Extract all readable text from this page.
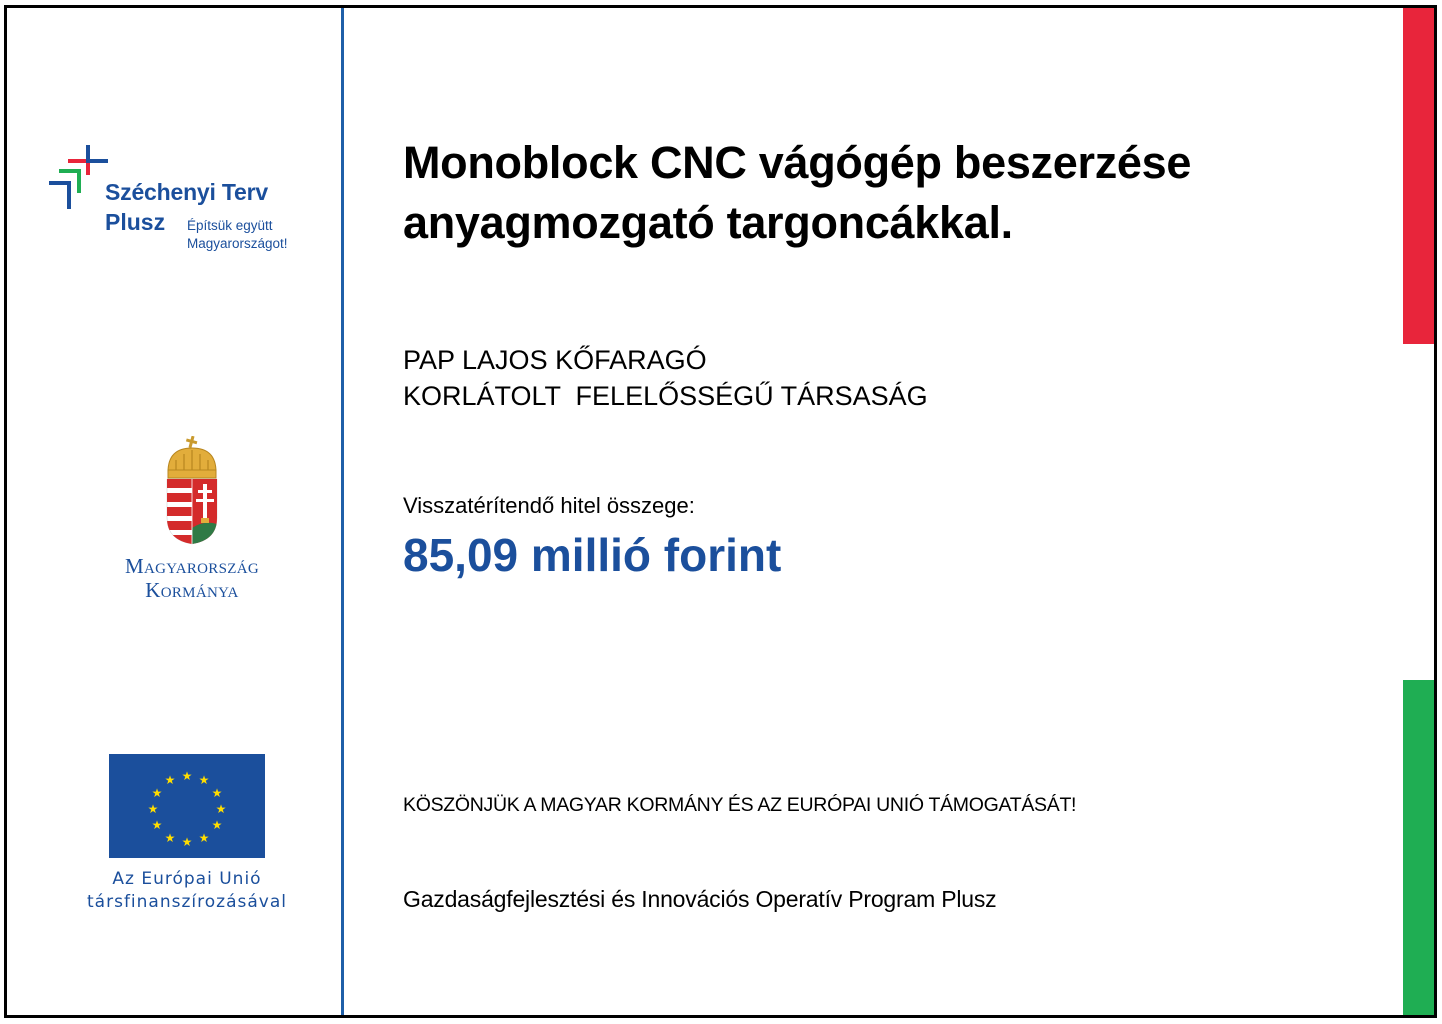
Széchenyi Terv
Plusz Építsük együtt
Magyarországot!
Magyarország
Kormánya
★ ★
★
★
★
★
★
★
★
★
★
★
Az Európai Unió
társfinanszírozásával
Monoblock CNC vágógép beszerzése
anyagmozgató targoncákkal.
PAP LAJOS KŐFARAGÓ
KORLÁTOLT  FELELŐSSÉGŰ TÁRSASÁG
Visszatérítendő hitel összege:
85,09 millió forint
KÖSZÖNJÜK A MAGYAR KORMÁNY ÉS AZ EURÓPAI UNIÓ TÁMOGATÁSÁT!
Gazdaságfejlesztési és Innovációs Operatív Program Plusz
